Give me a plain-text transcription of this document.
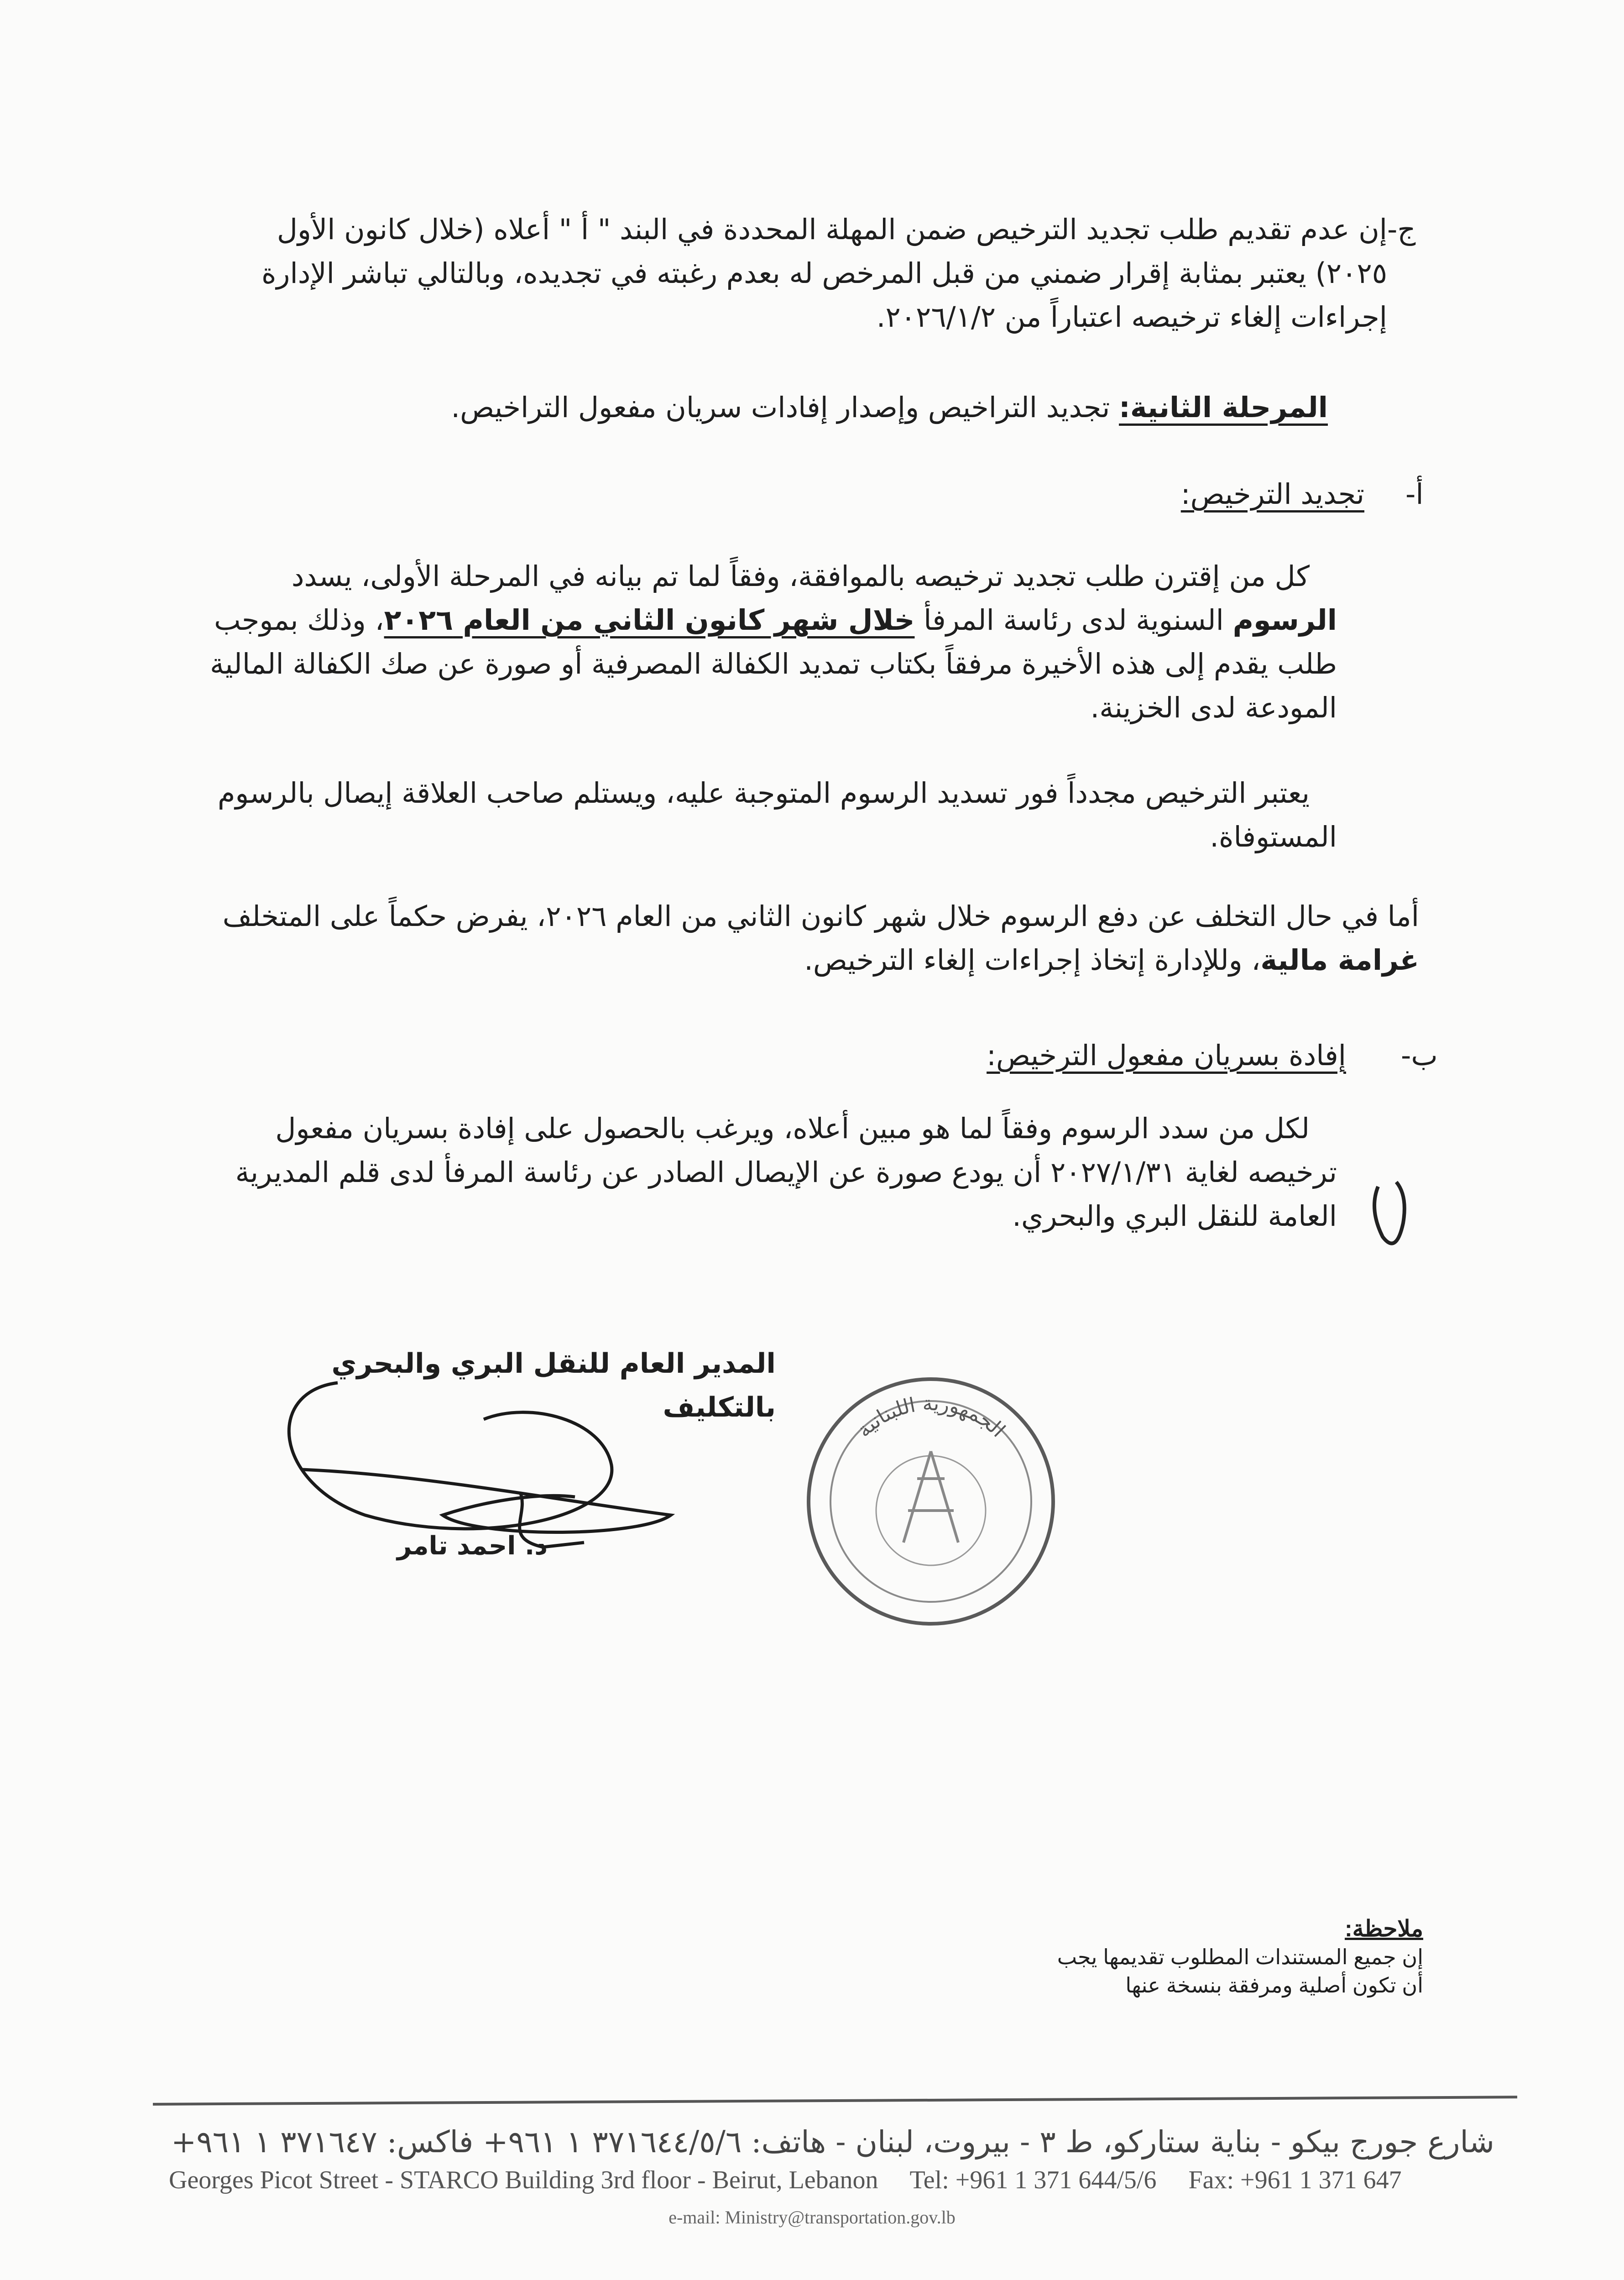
ج-
إن عدم تقديم طلب تجديد الترخيص ضمن المهلة المحددة في البند " أ " أعلاه (خلال كانون الأول ٢٠٢٥) يعتبر بمثابة إقرار ضمني من قبل المرخص له بعدم رغبته في تجديده، وبالتالي تباشر الإدارة إجراءات إلغاء ترخيصه اعتباراً من ٢٠٢٦/١/٢.
المرحلة الثانية: تجديد التراخيص وإصدار إفادات سريان مفعول التراخيص.
أ-
تجديد الترخيص:
كل من إقترن طلب تجديد ترخيصه بالموافقة، وفقاً لما تم بيانه في المرحلة الأولى، يسدد الرسوم السنوية لدى رئاسة المرفأ خلال شهر كانون الثاني من العام ٢٠٢٦، وذلك بموجب طلب يقدم إلى هذه الأخيرة مرفقاً بكتاب تمديد الكفالة المصرفية أو صورة عن صك الكفالة المالية المودعة لدى الخزينة.
يعتبر الترخيص مجدداً فور تسديد الرسوم المتوجبة عليه، ويستلم صاحب العلاقة إيصال بالرسوم المستوفاة.
أما في حال التخلف عن دفع الرسوم خلال شهر كانون الثاني من العام ٢٠٢٦، يفرض حكماً على المتخلف غرامة مالية، وللإدارة إتخاذ إجراءات إلغاء الترخيص.
ب-
إفادة بسريان مفعول الترخيص:
لكل من سدد الرسوم وفقاً لما هو مبين أعلاه، ويرغب بالحصول على إفادة بسريان مفعول ترخيصه لغاية ٢٠٢٧/١/٣١ أن يودع صورة عن الإيصال الصادر عن رئاسة المرفأ لدى قلم المديرية العامة للنقل البري والبحري.
المدير العام للنقل البري والبحري بالتكليف
د. احمد تامر
الجمهورية اللبنانية
ملاحظة:
إن جميع المستندات المطلوب تقديمها يجب
أن تكون أصلية ومرفقة بنسخة عنها
شارع جورج بيكو - بناية ستاركو، ط ٣ - بيروت، لبنان - هاتف: ٣٧١٦٤٤/٥/٦ ١ ٩٦١+ فاكس: ٣٧١٦٤٧ ١ ٩٦١+
Georges Picot Street - STARCO Building 3rd floor - Beirut, Lebanon Tel: +961 1 371 644/5/6 Fax: +961 1 371 647
e-mail: Ministry@transportation.gov.lb
